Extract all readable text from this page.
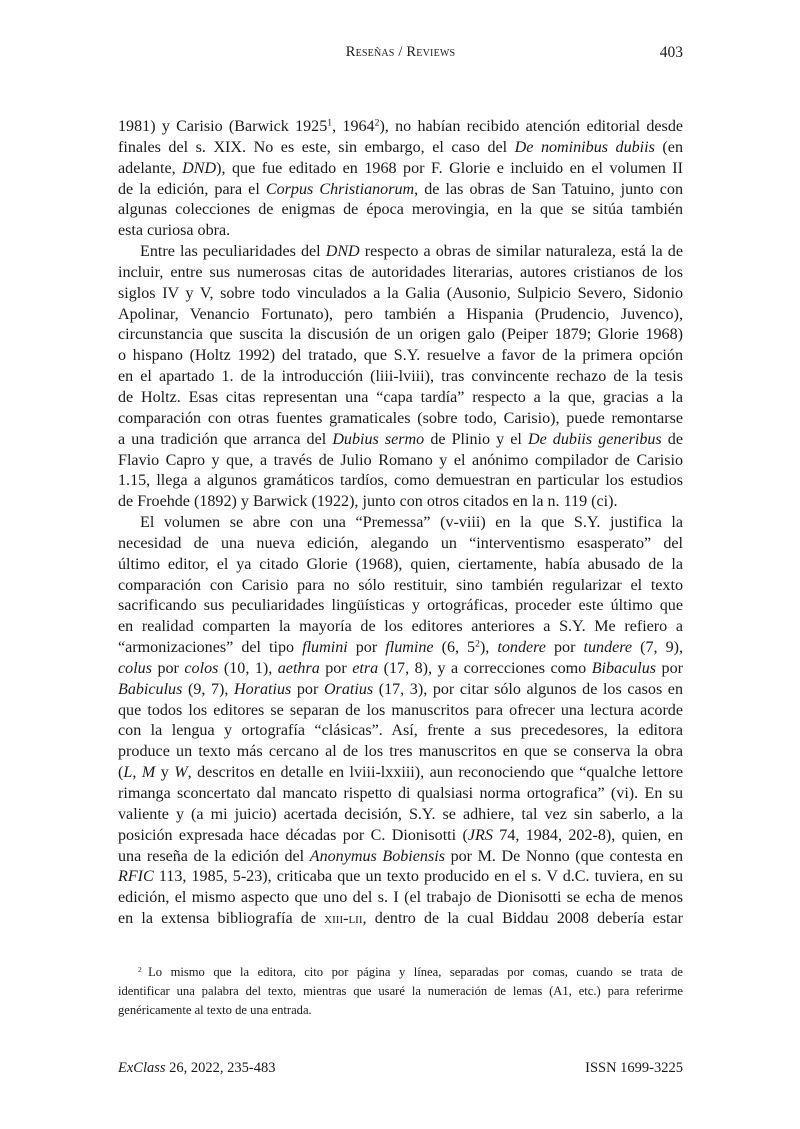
Reseñas / Reviews	403
1981) y Carisio (Barwick 1925$^1$, 1964$^2$), no habían recibido atención editorial desde
finales del s. XIX. No es este, sin embargo, el caso del De nominibus dubiis (en
adelante, DND), que fue editado en 1968 por F. Glorie e incluido en el volumen II
de la edición, para el Corpus Christianorum, de las obras de San Tatuino, junto con
algunas colecciones de enigmas de época merovingia, en la que se sitúa también
esta curiosa obra.
Entre las peculiaridades del DND respecto a obras de similar naturaleza, está la de
incluir, entre sus numerosas citas de autoridades literarias, autores cristianos de los
siglos IV y V, sobre todo vinculados a la Galia (Ausonio, Sulpicio Severo, Sidonio
Apolinar, Venancio Fortunato), pero también a Hispania (Prudencio, Juvenco),
circunstancia que suscita la discusión de un origen galo (Peiper 1879; Glorie 1968)
o hispano (Holtz 1992) del tratado, que S.Y. resuelve a favor de la primera opción
en el apartado 1. de la introducción (liii-lviii), tras convincente rechazo de la tesis
de Holtz. Esas citas representan una “capa tardía” respecto a la que, gracias a la
comparación con otras fuentes gramaticales (sobre todo, Carisio), puede remontarse
a una tradición que arranca del Dubius sermo de Plinio y el De dubiis generibus de
Flavio Capro y que, a través de Julio Romano y el anónimo compilador de Carisio
1.15, llega a algunos gramáticos tardíos, como demuestran en particular los estudios
de Froehde (1892) y Barwick (1922), junto con otros citados en la n. 119 (ci).
El volumen se abre con una “Premessa” (v-viii) en la que S.Y. justifica la
necesidad de una nueva edición, alegando un “interventismo esasperato” del
último editor, el ya citado Glorie (1968), quien, ciertamente, había abusado de la
comparación con Carisio para no sólo restituir, sino también regularizar el texto
sacrificando sus peculiaridades lingüísticas y ortográficas, proceder este último que
en realidad comparten la mayoría de los editores anteriores a S.Y. Me refiero a
“armonizaciones” del tipo flumini por flumine (6, $5^2$), tondere por tundere (7, 9),
colus por colos (10, 1), aethra por etra (17, 8), y a correcciones como Bibaculus por
Babiculus (9, 7), Horatius por Oratius (17, 3), por citar sólo algunos de los casos en
que todos los editores se separan de los manuscritos para ofrecer una lectura acorde
con la lengua y ortografía “clásicas”. Así, frente a sus precedesores, la editora
produce un texto más cercano al de los tres manuscritos en que se conserva la obra
(L, M y W, descritos en detalle en lviii-lxxiii), aun reconociendo que “qualche lettore
rimanga sconcertato dal mancato rispetto di qualsiasi norma ortografica” (vi). En su
valiente y (a mi juicio) acertada decisión, S.Y. se adhiere, tal vez sin saberlo, a la
posición expresada hace décadas por C. Dionisotti (JRS 74, 1984, 202-8), quien, en
una reseña de la edición del Anonymus Bobiensis por M. De Nonno (que contesta en
RFIC 113, 1985, 5-23), criticaba que un texto producido en el s. V d.C. tuviera, en su
edición, el mismo aspecto que uno del s. I (el trabajo de Dionisotti se echa de menos
en la extensa bibliografía de xiii-lii, dentro de la cual Biddau 2008 debería estar
$^2$  Lo mismo que la editora, cito por página y línea, separadas por comas, cuando se trata de
identificar una palabra del texto, mientras que usaré la numeración de lemas (A1, etc.) para referirme
genéricamente al texto de una entrada.
ExClass 26, 2022, 235-483	ISSN 1699-3225
